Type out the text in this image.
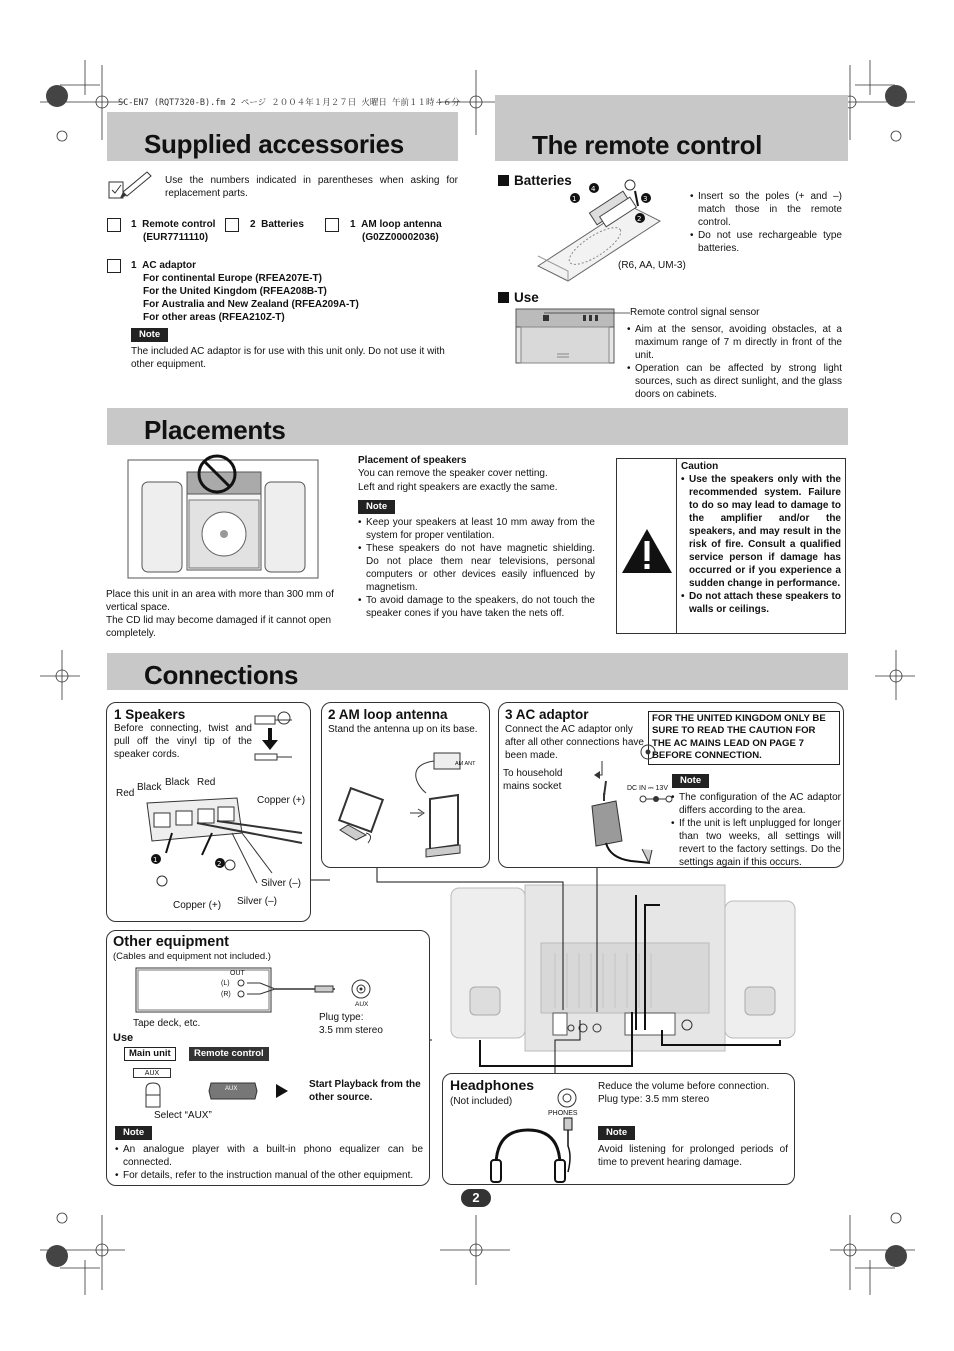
SC-EN7 (RQT7320-B).fm 2 ページ ２００４年１月２７日 火曜日 午前１１時４６分
Supplied accessories
Use the numbers indicated in parentheses when asking for replacement parts.
1 Remote control
(EUR7711110)
2 Batteries	1 AM loop antenna
(G0ZZ00002036)
1 AC adaptor
For continental Europe (RFEA207E-T)
For the United Kingdom (RFEA208B-T)
For Australia and New Zealand (RFEA209A-T)
For other areas (RFEA210Z-T)
Note
The included AC adaptor is for use with this unit only. Do not use it with other equipment.
The remote control
Batteries
1
4
3
2
(R6, AA, UM-3)
• Insert so the poles (+ and –) match those in the remote control.
• Do not use rechargeable type batteries.
Use
Remote control signal sensor
• Aim at the sensor, avoiding obstacles, at a maximum range of 7 m directly in front of the unit.
• Operation can be affected by strong light sources, such as direct sunlight, and the glass doors on cabinets.
Placements
Place this unit in an area with more than 300 mm of vertical space.
The CD lid may become damaged if it cannot open completely.
Placement of speakers
You can remove the speaker cover netting.
Left and right speakers are exactly the same.
Note
• Keep your speakers at least 10 mm away from the system for proper ventilation.
• These speakers do not have magnetic shielding. Do not place them near televisions, personal computers or other devices easily influenced by magnetism.
• To avoid damage to the speakers, do not touch the speaker cones if you have taken the nets off.
Caution
• Use the speakers only with the recommended system. Failure to do so may lead to damage to the amplifier and/or the speakers, and may result in the risk of fire. Consult a qualified service person if damage has occurred or if you experience a sudden change in performance.
• Do not attach these speakers to walls or ceilings.
Connections
1 Speakers
Before connecting, twist and pull off the vinyl tip of the speaker cords.
Red
Black Black Red
Copper (+)
1	2
Silver (–)
Copper (+) Silver (–)
2 AM loop antenna
Stand the antenna up on its base.
AM ANT
3 AC adaptor
Connect the AC adaptor only after all other connections have been made.
FOR THE UNITED KINGDOM ONLY BE SURE TO READ THE CAUTION FOR THE AC MAINS LEAD ON PAGE 7 BEFORE CONNECTION.
To household mains socket	DC IN ⎓ 13V
Note
• The configuration of the AC adaptor differs according to the area.
• If the unit is left unplugged for longer than two weeks, all settings will revert to the factory settings. Do the settings again if this occurs.
Other equipment
(Cables and equipment not included.)
OUT
(L)
(R)
AUX
Tape deck, etc.
Plug type:
3.5 mm stereo
Use
Main unit	Remote control
AUX
AUX	Start Playback from the other source.
Select “AUX”
Note
• An analogue player with a built-in phono equalizer can be connected.
• For details, refer to the instruction manual of the other equipment.
Headphones
(Not included)
PHONES
Reduce the volume before connection.
Plug type: 3.5 mm stereo
Note
Avoid listening for prolonged periods of time to prevent hearing damage.
2
